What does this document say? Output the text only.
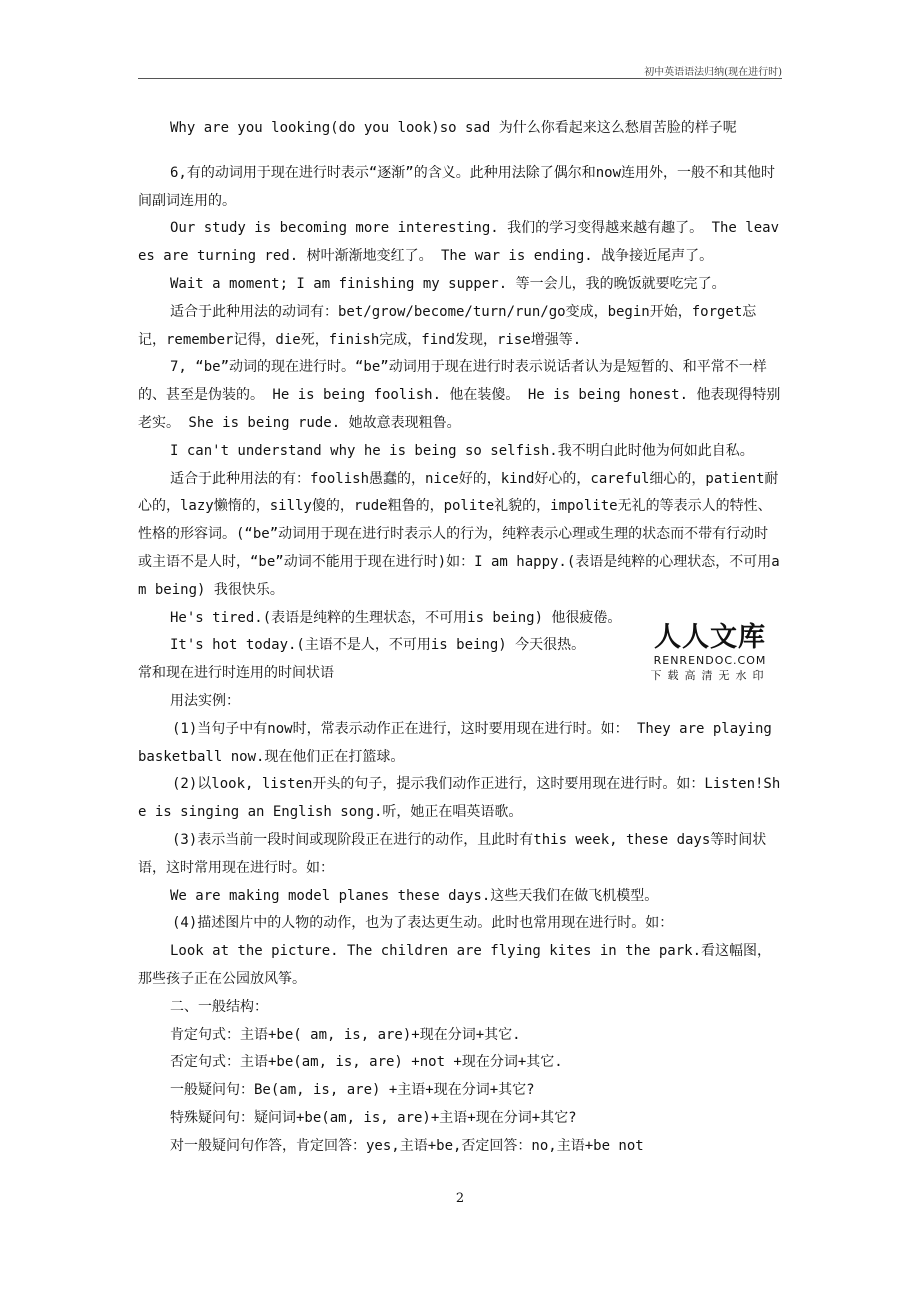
初中英语语法归纳(现在进行时)

Why are you looking(do you look)so sad 为什么你看起来这么愁眉苦脸的样子呢

6,有的动词用于现在进行时表示“逐渐”的含义。此种用法除了偶尔和now连用外，一般不和其他时间副词连用的。

Our study is becoming more interesting. 我们的学习变得越来越有趣了。 The leaves are turning red. 树叶渐渐地变红了。 The war is ending. 战争接近尾声了。

Wait a moment; I am finishing my supper. 等一会儿，我的晚饭就要吃完了。

适合于此种用法的动词有：bet/grow/become/turn/run/go变成，begin开始，forget忘记，remember记得，die死，finish完成，find发现，rise增强等.

7, “be”动词的现在进行时。“be”动词用于现在进行时表示说话者认为是短暂的、和平常不一样的、甚至是伪装的。 He is being foolish. 他在装傻。 He is being honest. 他表现得特别老实。 She is being rude. 她故意表现粗鲁。

I can't understand why he is being so selfish.我不明白此时他为何如此自私。

适合于此种用法的有：foolish愚蠢的，nice好的，kind好心的，careful细心的，patient耐心的，lazy懒惰的，silly傻的，rude粗鲁的，polite礼貌的，impolite无礼的等表示人的特性、性格的形容词。(“be”动词用于现在进行时表示人的行为，纯粹表示心理或生理的状态而不带有行动时或主语不是人时，“be”动词不能用于现在进行时)如：I am happy.(表语是纯粹的心理状态，不可用am being) 我很快乐。

He's tired.(表语是纯粹的生理状态，不可用is being) 他很疲倦。

It's hot today.(主语不是人，不可用is being) 今天很热。

常和现在进行时连用的时间状语

用法实例：

(1)当句子中有now时，常表示动作正在进行，这时要用现在进行时。如： They are playing basketball now.现在他们正在打篮球。

(2)以look, listen开头的句子，提示我们动作正进行，这时要用现在进行时。如：Listen!She is singing an English song.听，她正在唱英语歌。

(3)表示当前一段时间或现阶段正在进行的动作，且此时有this week, these days等时间状语，这时常用现在进行时。如：

We are making model planes these days.这些天我们在做飞机模型。

(4)描述图片中的人物的动作，也为了表达更生动。此时也常用现在进行时。如：

Look at the picture. The children are flying kites in the park.看这幅图，那些孩子正在公园放风筝。

二、一般结构：

肯定句式：主语+be( am, is, are)+现在分词+其它.

否定句式：主语+be(am, is, are) +not +现在分词+其它.

一般疑问句：Be(am, is, are) +主语+现在分词+其它?

特殊疑问句：疑问词+be(am, is, are)+主语+现在分词+其它?

对一般疑问句作答，肯定回答：yes,主语+be,否定回答：no,主语+be not

人人文库
RENRENDOC.COM
下载高清无水印
2
